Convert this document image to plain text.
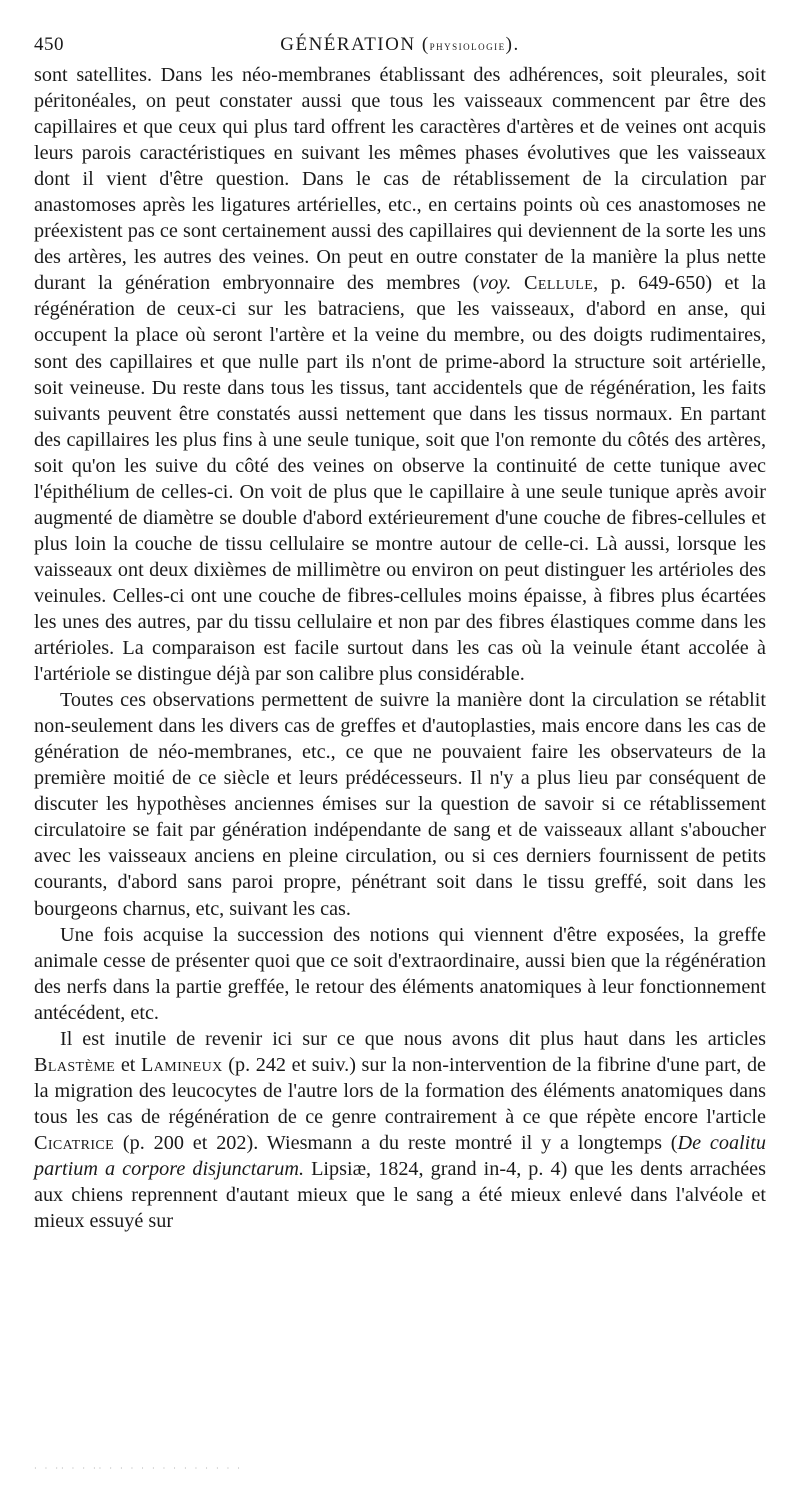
450	GÉNÉRATION (physiologie).

sont satellites. Dans les néo-membranes établissant des adhérences, soit pleurales, soit péritonéales, on peut constater aussi que tous les vaisseaux commencent par être des capillaires et que ceux qui plus tard offrent les caractères d'artères et de veines ont acquis leurs parois caractéristiques en suivant les mêmes phases évolutives que les vaisseaux dont il vient d'être question. Dans le cas de rétablissement de la circulation par anastomoses après les ligatures artérielles, etc., en certains points où ces anastomoses ne préexistent pas ce sont certainement aussi des capillaires qui deviennent de la sorte les uns des artères, les autres des veines. On peut en outre constater de la manière la plus nette durant la génération embryonnaire des membres (voy. Cellule, p. 649-650) et la régénération de ceux-ci sur les batraciens, que les vaisseaux, d'abord en anse, qui occupent la place où seront l'artère et la veine du membre, ou des doigts rudimentaires, sont des capillaires et que nulle part ils n'ont de prime-abord la structure soit artérielle, soit veineuse. Du reste dans tous les tissus, tant accidentels que de régénération, les faits suivants peuvent être constatés aussi nettement que dans les tissus normaux. En partant des capillaires les plus fins à une seule tunique, soit que l'on remonte du côtés des artères, soit qu'on les suive du côté des veines on observe la continuité de cette tunique avec l'épithélium de celles-ci. On voit de plus que le capillaire à une seule tunique après avoir augmenté de diamètre se double d'abord extérieurement d'une couche de fibres-cellules et plus loin la couche de tissu cellulaire se montre autour de celle-ci. Là aussi, lorsque les vaisseaux ont deux dixièmes de millimètre ou environ on peut distinguer les artérioles des veinules. Celles-ci ont une couche de fibres-cellules moins épaisse, à fibres plus écartées les unes des autres, par du tissu cellulaire et non par des fibres élastiques comme dans les artérioles. La comparaison est facile surtout dans les cas où la veinule étant accolée à l'artériole se distingue déjà par son calibre plus considérable.

Toutes ces observations permettent de suivre la manière dont la circulation se rétablit non-seulement dans les divers cas de greffes et d'autoplasties, mais encore dans les cas de génération de néo-membranes, etc., ce que ne pouvaient faire les observateurs de la première moitié de ce siècle et leurs prédécesseurs. Il n'y a plus lieu par conséquent de discuter les hypothèses anciennes émises sur la question de savoir si ce rétablissement circulatoire se fait par génération indépendante de sang et de vaisseaux allant s'aboucher avec les vaisseaux anciens en pleine circulation, ou si ces derniers fournissent de petits courants, d'abord sans paroi propre, pénétrant soit dans le tissu greffé, soit dans les bourgeons charnus, etc, suivant les cas.

Une fois acquise la succession des notions qui viennent d'être exposées, la greffe animale cesse de présenter quoi que ce soit d'extraordinaire, aussi bien que la régénération des nerfs dans la partie greffée, le retour des éléments anatomiques à leur fonctionnement antécédent, etc.

Il est inutile de revenir ici sur ce que nous avons dit plus haut dans les articles Blastème et Lamineux (p. 242 et suiv.) sur la non-intervention de la fibrine d'une part, de la migration des leucocytes de l'autre lors de la formation des éléments anatomiques dans tous les cas de régénération de ce genre contrairement à ce que répète encore l'article Cicatrice (p. 200 et 202). Wiesmann a du reste montré il y a longtemps (De coalitu partium a corpore disjunctarum. Lipsiæ, 1824, grand in-4, p. 4) que les dents arrachées aux chiens reprennent d'autant mieux que le sang a été mieux enlevé dans l'alvéole et mieux essuyé sur

· · ·· · · ·· · · · · · · · · · · · · ·
